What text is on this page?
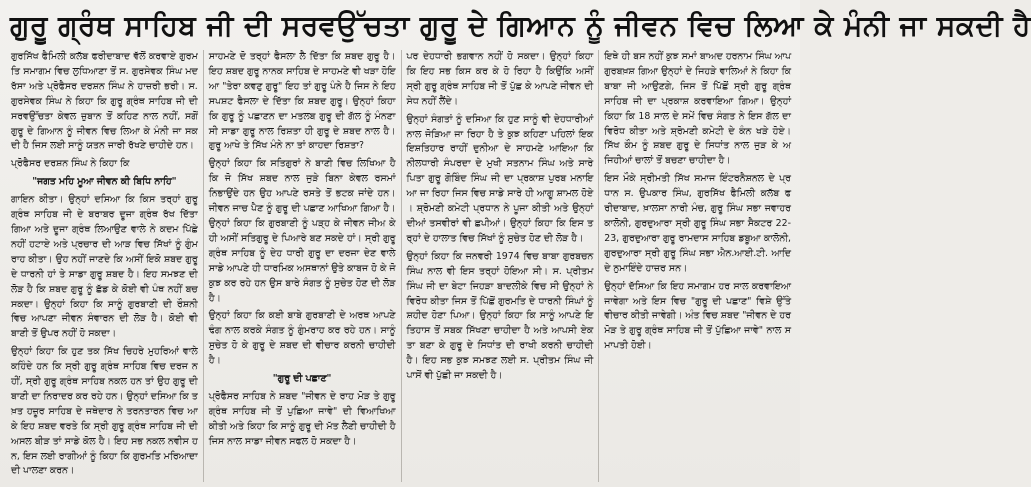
ਗੁਰੂ ਗ੍ਰੰਥ ਸਾਹਿਬ ਜੀ ਦੀ ਸਰਵਉੱਚਤਾ ਗੁਰੂ ਦੇ ਗਿਆਨ ਨੂੰ ਜੀਵਨ ਵਿਚ ਲਿਆ ਕੇ ਮੰਨੀ ਜਾ ਸਕਦੀ ਹੈ

ਗੁਰਸਿੱਖ ਫੈਮਿਲੀ ਕਲੱਬ ਫਰੀਦਾਬਾਦ ਵੱਲੋਂ ਕਰਵਾਏ ਗੁਰਮਤਿ ਸਮਾਗਮ ਵਿਚ ਲੁਧਿਆਣਾ ਤੋਂ ਸ. ਗੁਰਸੇਵਕ ਸਿੰਘ ਮਦਰੱਸਾ ਅਤੇ ਪ੍ਰੋਫੈਸਰ ਦਰਸ਼ਨ ਸਿੰਘ ਨੇ ਹਾਜ਼ਰੀ ਭਰੀ। ਸ. ਗੁਰਸੇਵਕ ਸਿੰਘ ਨੇ ਕਿਹਾ ਕਿ ਗੁਰੂ ਗ੍ਰੰਥ ਸਾਹਿਬ ਜੀ ਦੀ ਸਰਵਉੱਚਤਾ ਕੇਵਲ ਜ਼ੁਬਾਨ ਤੋਂ ਕਹਿਣ ਨਾਲ ਨਹੀਂ, ਸਗੋਂ ਗੁਰੂ ਦੇ ਗਿਆਨ ਨੂੰ ਜੀਵਨ ਵਿਚ ਲਿਆ ਕੇ ਮੰਨੀ ਜਾ ਸਕਦੀ ਹੈ ਜਿਸ ਲਈ ਸਾਨੂੰ ਯਤਨ ਜਾਰੀ ਰੱਖਣੇ ਚਾਹੀਦੇ ਹਨ।

ਪ੍ਰੋਫੈਸਰ ਦਰਸ਼ਨ ਸਿੰਘ ਨੇ ਕਿਹਾ ਕਿ

"ਜਗਤ ਮਹਿ ਮੂਆ ਜੀਵਨ ਕੀ ਬਿਧਿ ਨਾਹਿ"

ਗਾਇਨ ਕੀਤਾ। ਉਨ੍ਹਾਂ ਦਸਿਆ ਕਿ ਕਿਸ ਤਰ੍ਹਾਂ ਗੁਰੂ ਗ੍ਰੰਥ ਸਾਹਿਬ ਜੀ ਦੇ ਬਰਾਬਰ ਦੂਜਾ ਗ੍ਰੰਥ ਰੱਖ ਦਿੱਤਾ ਗਿਆ ਅਤੇ ਦੂਜਾ ਗ੍ਰੰਥ ਲਿਆਉਣ ਵਾਲੇ ਨੇ ਕਦਮ ਪਿੱਛੇ ਨਹੀਂ ਹਟਾਏ ਅਤੇ ਪ੍ਰਚਾਰ ਦੀ ਆੜ ਵਿਚ ਸਿੱਖਾਂ ਨੂੰ ਗੁੰਮਰਾਹ ਕੀਤਾ। ਉਹ ਨਹੀਂ ਜਾਣਦੇ ਕਿ ਅਸੀਂ ਇਕੋ ਸ਼ਬਦ ਗੁਰੂ ਦੇ ਧਾਰਨੀ ਹਾਂ ਤੇ ਸਾਡਾ ਗੁਰੂ ਸ਼ਬਦ ਹੈ। ਇਹ ਸਮਝਣ ਦੀ ਲੋੜ ਹੈ ਕਿ ਸ਼ਬਦ ਗੁਰੂ ਨੂੰ ਛੱਡ ਕੇ ਕੋਈ ਵੀ ਪੰਥ ਨਹੀਂ ਬਚ ਸਕਦਾ। ਉਨ੍ਹਾਂ ਕਿਹਾ ਕਿ ਸਾਨੂੰ ਗੁਰਬਾਣੀ ਦੀ ਰੌਸ਼ਨੀ ਵਿਚ ਆਪਣਾ ਜੀਵਨ ਸੰਵਾਰਨ ਦੀ ਲੋੜ ਹੈ। ਕੋਈ ਵੀ ਬਾਣੀ ਤੋਂ ਉਪਰ ਨਹੀਂ ਹੋ ਸਕਦਾ।

ਉਨ੍ਹਾਂ ਕਿਹਾ ਕਿ ਹੁਣ ਤਕ ਸਿੱਖ ਚਿਹਰੇ ਮੁਹਰਿਆਂ ਵਾਲੇ ਕਹਿੰਦੇ ਹਨ ਕਿ ਸ੍ਰੀ ਗੁਰੂ ਗ੍ਰੰਥ ਸਾਹਿਬ ਵਿਚ ਦਰਜ ਨਹੀਂ, ਸ੍ਰੀ ਗੁਰੂ ਗ੍ਰੰਥ ਸਾਹਿਬ ਨਕਲ ਹਨ ਤਾਂ ਉਹ ਗੁਰੂ ਦੀ ਬਾਣੀ ਦਾ ਨਿਰਾਦਰ ਕਰ ਰਹੇ ਹਨ। ਉਨ੍ਹਾਂ ਦਸਿਆ ਕਿ ਤਖ਼ਤ ਹਜ਼ੂਰ ਸਾਹਿਬ ਦੇ ਜਥੇਦਾਰ ਨੇ ਤਰਨਤਾਰਨ ਵਿਚ ਆ ਕੇ ਇਹ ਸ਼ਬਦ ਵਰਤੇ ਕਿ ਸ੍ਰੀ ਗੁਰੂ ਗ੍ਰੰਥ ਸਾਹਿਬ ਜੀ ਦੀ ਅਸਲ ਬੀੜ ਤਾਂ ਸਾਡੇ ਕੋਲ ਹੈ। ਇਹ ਸਭ ਨਕਲ ਨਵੀਸ ਹਨ, ਇਸ ਲਈ ਰਾਗੀਆਂ ਨੂੰ ਕਿਹਾ ਕਿ ਗੁਰਮਤਿ ਮਰਿਆਦਾ ਦੀ ਪਾਲਣਾ ਕਰਨ।

ਸਾਹਮਣੇ ਦੋ ਤਰ੍ਹਾਂ ਫੈਸਲਾ ਲੈ ਦਿੱਤਾ ਕਿ ਸ਼ਬਦ ਗੁਰੂ ਹੈ। ਇਹ ਸ਼ਬਦ ਗੁਰੂ ਨਾਨਕ ਸਾਹਿਬ ਦੇ ਸਾਹਮਣੇ ਵੀ ਖੜਾ ਹੋਇਆ "ਤੇਰਾ ਕਵਣੁ ਗੁਰੂ" ਇਹ ਤਾਂ ਗੁਰੂ ਪੰਨੇ ਹੈ ਜਿਸ ਨੇ ਇਹ ਸਪਸ਼ਟ ਫੈਸਲਾ ਦੇ ਦਿੱਤਾ ਕਿ ਸ਼ਬਦ ਗੁਰੂ। ਉਨ੍ਹਾਂ ਕਿਹਾ ਕਿ ਗੁਰੂ ਨੂੰ ਪਛਾਣਨ ਦਾ ਮਤਲਬ ਗੁਰੂ ਦੀ ਗੱਲ ਨੂੰ ਮੰਨਣਾ ਸੀ ਸਾਡਾ ਗੁਰੂ ਨਾਲ ਰਿਸ਼ਤਾ ਹੀ ਗੁਰੂ ਦੇ ਸ਼ਬਦ ਨਾਲ ਹੈ। ਗੁਰੂ ਆਖੇ ਤੇ ਸਿੱਖ ਮੰਨੇ ਨਾ ਤਾਂ ਕਾਹਦਾ ਰਿਸ਼ਤਾ?

ਉਨ੍ਹਾਂ ਕਿਹਾ ਕਿ ਸਤਿਗੁਰਾਂ ਨੇ ਬਾਣੀ ਵਿਚ ਲਿਖਿਆ ਹੈ ਕਿ ਜੋ ਸਿੱਖ ਸ਼ਬਦ ਨਾਲ ਜੁੜੇ ਬਿਨਾ ਕੇਵਲ ਰਸਮਾਂ ਨਿਭਾਉਂਦੇ ਹਨ ਉਹ ਆਪਣੇ ਰਸਤੇ ਤੋਂ ਭਟਕ ਜਾਂਦੇ ਹਨ। ਜੀਵਨ ਜਾਚ ਪੈਣ ਨੂੰ ਗੁਰੂ ਦੀ ਪਛਾਣ ਆਖਿਆ ਗਿਆ ਹੈ। ਉਨ੍ਹਾਂ ਕਿਹਾ ਕਿ ਗੁਰਬਾਣੀ ਨੂੰ ਪੜ੍ਹ ਕੇ ਜੀਵਨ ਜੀਅ ਕੇ ਹੀ ਅਸੀਂ ਸਤਿਗੁਰੂ ਦੇ ਪਿਆਰੇ ਬਣ ਸਕਦੇ ਹਾਂ। ਸ੍ਰੀ ਗੁਰੂ ਗ੍ਰੰਥ ਸਾਹਿਬ ਨੂੰ ਦੇਹ ਧਾਰੀ ਗੁਰੂ ਦਾ ਦਰਜਾ ਦੇਣ ਵਾਲੇ ਸਾਡੇ ਆਪਣੇ ਹੀ ਧਾਰਮਿਕ ਅਸਥਾਨਾਂ ਉਤੇ ਕਾਬਜ ਹੋ ਕੇ ਜੋ ਕੁਝ ਕਰ ਰਹੇ ਹਨ ਉਸ ਬਾਰੇ ਸੰਗਤ ਨੂੰ ਸੁਚੇਤ ਹੋਣ ਦੀ ਲੋੜ ਹੈ।

ਉਨ੍ਹਾਂ ਕਿਹਾ ਕਿ ਕਈ ਬਾਬੇ ਗੁਰਬਾਣੀ ਦੇ ਅਰਥ ਆਪਣੇ ਢੰਗ ਨਾਲ ਕਰਕੇ ਸੰਗਤ ਨੂੰ ਗੁੰਮਰਾਹ ਕਰ ਰਹੇ ਹਨ। ਸਾਨੂੰ ਸੁਚੇਤ ਹੋ ਕੇ ਗੁਰੂ ਦੇ ਸ਼ਬਦ ਦੀ ਵੀਚਾਰ ਕਰਨੀ ਚਾਹੀਦੀ ਹੈ।

"ਗੁਰੂ ਦੀ ਪਛਾਣ"

ਪ੍ਰੋਫੈਸਰ ਸਾਹਿਬ ਨੇ ਸ਼ਬਦ "ਜੀਵਨ ਦੇ ਰਾਹ ਮੋੜ ਤੇ ਗੁਰੂ ਗ੍ਰੰਥ ਸਾਹਿਬ ਜੀ ਤੋਂ ਪੁਛਿਆ ਜਾਵੇ" ਦੀ ਵਿਆਖਿਆ ਕੀਤੀ ਅਤੇ ਕਿਹਾ ਕਿ ਸਾਨੂੰ ਗੁਰੂ ਦੀ ਮੱਤ ਲੈਣੀ ਚਾਹੀਦੀ ਹੈ ਜਿਸ ਨਾਲ ਸਾਡਾ ਜੀਵਨ ਸਫਲ ਹੋ ਸਕਦਾ ਹੈ।

ਪਰ ਦੇਹਧਾਰੀ ਭਗਵਾਨ ਨਹੀਂ ਹੋ ਸਕਦਾ। ਉਨ੍ਹਾਂ ਕਿਹਾ ਕਿ ਇਹ ਸਭ ਕਿਸ ਕਰ ਕੇ ਹੋ ਰਿਹਾ ਹੈ ਕਿਉਂਕਿ ਅਸੀਂ ਸ੍ਰੀ ਗੁਰੂ ਗ੍ਰੰਥ ਸਾਹਿਬ ਜੀ ਤੋਂ ਪੁੱਛ ਕੇ ਆਪਣੇ ਜੀਵਨ ਦੀ ਸੇਧ ਨਹੀਂ ਲੈਂਦੇ।

ਉਨ੍ਹਾਂ ਸੰਗਤਾਂ ਨੂੰ ਦਸਿਆ ਕਿ ਹੁਣ ਸਾਨੂੰ ਵੀ ਦੇਹਧਾਰੀਆਂ ਨਾਲ ਜੋੜਿਆ ਜਾ ਰਿਹਾ ਹੈ ਤੇ ਕੁਝ ਕਹਿਣਾ ਪਹਿਲਾਂ ਇਕ ਇਸ਼ਤਿਹਾਰ ਰਾਹੀਂ ਦੁਨੀਆ ਦੇ ਸਾਹਮਣੇ ਆਇਆ ਕਿ ਨੀਲਧਾਰੀ ਸੰਪਰਦਾ ਦੇ ਮੁਖੀ ਸਤਨਾਮ ਸਿੰਘ ਅਤੇ ਸਾਰੇ ਪਿਤਾ ਗੁਰੂ ਗੋਬਿੰਦ ਸਿੰਘ ਜੀ ਦਾ ਪ੍ਰਕਾਸ਼ ਪੁਰਬ ਮਨਾਇਆ ਜਾ ਰਿਹਾ ਜਿਸ ਵਿਚ ਸਾਡੇ ਸਾਰੇ ਹੀ ਆਗੂ ਸ਼ਾਮਲ ਹੋਏ। ਸ਼੍ਰੋਮਣੀ ਕਮੇਟੀ ਪ੍ਰਧਾਨ ਨੇ ਪੂਜਾ ਕੀਤੀ ਅਤੇ ਉਨ੍ਹਾਂ ਦੀਆਂ ਤਸਵੀਰਾਂ ਵੀ ਛਪੀਆਂ। ਉਨ੍ਹਾਂ ਕਿਹਾ ਕਿ ਇਸ ਤਰ੍ਹਾਂ ਦੇ ਹਾਲਾਤ ਵਿਚ ਸਿੱਖਾਂ ਨੂੰ ਸੁਚੇਤ ਹੋਣ ਦੀ ਲੋੜ ਹੈ।

ਉਨ੍ਹਾਂ ਕਿਹਾ ਕਿ ਜਨਵਰੀ 1974 ਵਿਚ ਬਾਬਾ ਗੁਰਬਚਨ ਸਿੰਘ ਨਾਲ ਵੀ ਇਸ ਤਰ੍ਹਾਂ ਹੋਇਆ ਸੀ। ਸ. ਪ੍ਰੀਤਮ ਸਿੰਘ ਜੀ ਦਾ ਬੇਟਾ ਜਿਹੜਾ ਬਾਦਲੀਕੇ ਵਿਚ ਸੀ ਉਨ੍ਹਾਂ ਨੇ ਵਿਰੋਧ ਕੀਤਾ ਜਿਸ ਤੋਂ ਪਿੱਛੋਂ ਗੁਰਮਤਿ ਦੇ ਧਾਰਨੀ ਸਿੰਘਾਂ ਨੂੰ ਸ਼ਹੀਦ ਹੋਣਾ ਪਿਆ। ਉਨ੍ਹਾਂ ਕਿਹਾ ਕਿ ਸਾਨੂੰ ਆਪਣੇ ਇਤਿਹਾਸ ਤੋਂ ਸਬਕ ਸਿੱਖਣਾ ਚਾਹੀਦਾ ਹੈ ਅਤੇ ਆਪਸੀ ਏਕਤਾ ਬਣਾ ਕੇ ਗੁਰੂ ਦੇ ਸਿਧਾਂਤ ਦੀ ਰਾਖੀ ਕਰਨੀ ਚਾਹੀਦੀ ਹੈ। ਇਹ ਸਭ ਕੁਝ ਸਮਝਣ ਲਈ ਸ. ਪ੍ਰੀਤਮ ਸਿੰਘ ਜੀ ਪਾਸੋਂ ਵੀ ਪੁੱਛੀ ਜਾ ਸਕਦੀ ਹੈ।

ਇਥੇ ਹੀ ਬਸ ਨਹੀਂ ਕੁਝ ਸਮਾਂ ਬਾਅਦ ਹਰਨਾਮ ਸਿੰਘ ਆਪ ਗੁਰਬਖ਼ਸ਼ ਗਿਆ ਉਨ੍ਹਾਂ ਦੇ ਜਿਹੜੇ ਵਾਲਿਆਂ ਨੇ ਕਿਹਾ ਕਿ ਬਾਬਾ ਜੀ ਆਉਣਗੇ, ਜਿਸ ਤੋਂ ਪਿੱਛੋਂ ਸ੍ਰੀ ਗੁਰੂ ਗ੍ਰੰਥ ਸਾਹਿਬ ਜੀ ਦਾ ਪ੍ਰਕਾਸ਼ ਕਰਵਾਇਆ ਗਿਆ। ਉਨ੍ਹਾਂ ਕਿਹਾ ਕਿ 18 ਸਾਲ ਦੇ ਸਮੇਂ ਵਿਚ ਸੰਗਤ ਨੇ ਇਸ ਗੱਲ ਦਾ ਵਿਰੋਧ ਕੀਤਾ ਅਤੇ ਸ਼੍ਰੋਮਣੀ ਕਮੇਟੀ ਦੇ ਕੰਨ ਖੜੇ ਹੋਏ। ਸਿੱਖ ਕੌਮ ਨੂੰ ਸ਼ਬਦ ਗੁਰੂ ਦੇ ਸਿਧਾਂਤ ਨਾਲ ਜੁੜ ਕੇ ਅਜਿਹੀਆਂ ਚਾਲਾਂ ਤੋਂ ਬਚਣਾ ਚਾਹੀਦਾ ਹੈ।

ਇਸ ਮੌਕੇ ਸ੍ਰੀਮਤੀ ਸਿੱਖ ਸਮਾਜ ਇੰਟਰਨੈਸ਼ਨਲ ਦੇ ਪ੍ਰਧਾਨ ਸ. ਉਪਕਾਰ ਸਿੰਘ, ਗੁਰਸਿੱਖ ਫੈਮਿਲੀ ਕਲੱਬ ਫਰੀਦਾਬਾਦ, ਖ਼ਾਲਸਾ ਨਾਰੀ ਮੰਚ, ਗੁਰੂ ਸਿੰਘ ਸਭਾ ਜਵਾਹਰ ਕਾਲੋਨੀ, ਗੁਰਦੁਆਰਾ ਸ੍ਰੀ ਗੁਰੂ ਸਿੰਘ ਸਭਾ ਸੈਕਟਰ 22-23, ਗੁਰਦੁਆਰਾ ਗੁਰੂ ਰਾਮਦਾਸ ਸਾਹਿਬ ਡਬੂਆ ਕਾਲੋਨੀ, ਗੁਰਦੁਆਰਾ ਸ੍ਰੀ ਗੁਰੂ ਸਿੰਘ ਸਭਾ ਐਨ.ਆਈ.ਟੀ. ਆਦਿ ਦੇ ਨੁਮਾਇੰਦੇ ਹਾਜ਼ਰ ਸਨ।

ਉਨ੍ਹਾਂ ਦੱਸਿਆ ਕਿ ਇਹ ਸਮਾਗਮ ਹਰ ਸਾਲ ਕਰਵਾਇਆ ਜਾਵੇਗਾ ਅਤੇ ਇਸ ਵਿਚ "ਗੁਰੂ ਦੀ ਪਛਾਣ" ਵਿਸ਼ੇ ਉੱਤੇ ਵੀਚਾਰ ਕੀਤੀ ਜਾਵੇਗੀ। ਅੰਤ ਵਿਚ ਸ਼ਬਦ "ਜੀਵਨ ਦੇ ਹਰ ਮੋੜ ਤੇ ਗੁਰੂ ਗ੍ਰੰਥ ਸਾਹਿਬ ਜੀ ਤੋਂ ਪੁੱਛਿਆ ਜਾਵੇ" ਨਾਲ ਸਮਾਪਤੀ ਹੋਈ।
